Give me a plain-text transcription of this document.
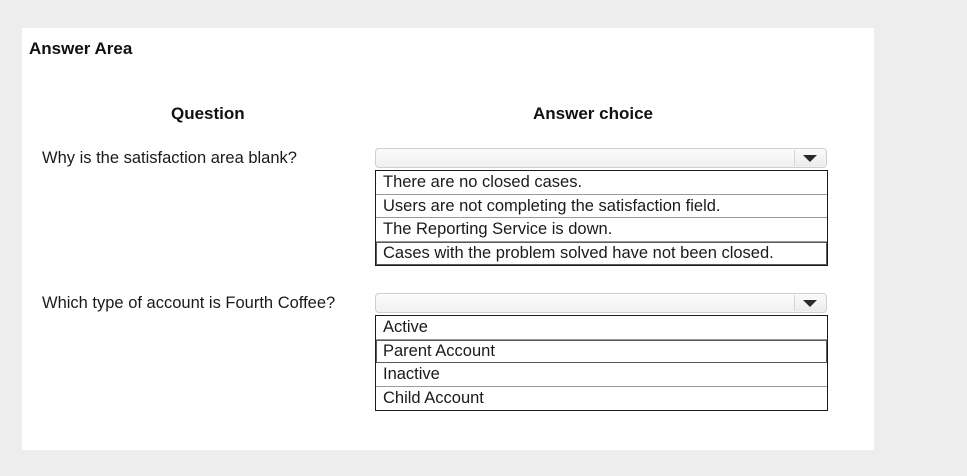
Answer Area
Question	Answer choice
Why is the satisfaction area blank?
There are no closed cases.
Users are not completing the satisfaction field.
The Reporting Service is down.
Cases with the problem solved have not been closed.
Which type of account is Fourth Coffee?
Active
Parent Account
Inactive
Child Account
